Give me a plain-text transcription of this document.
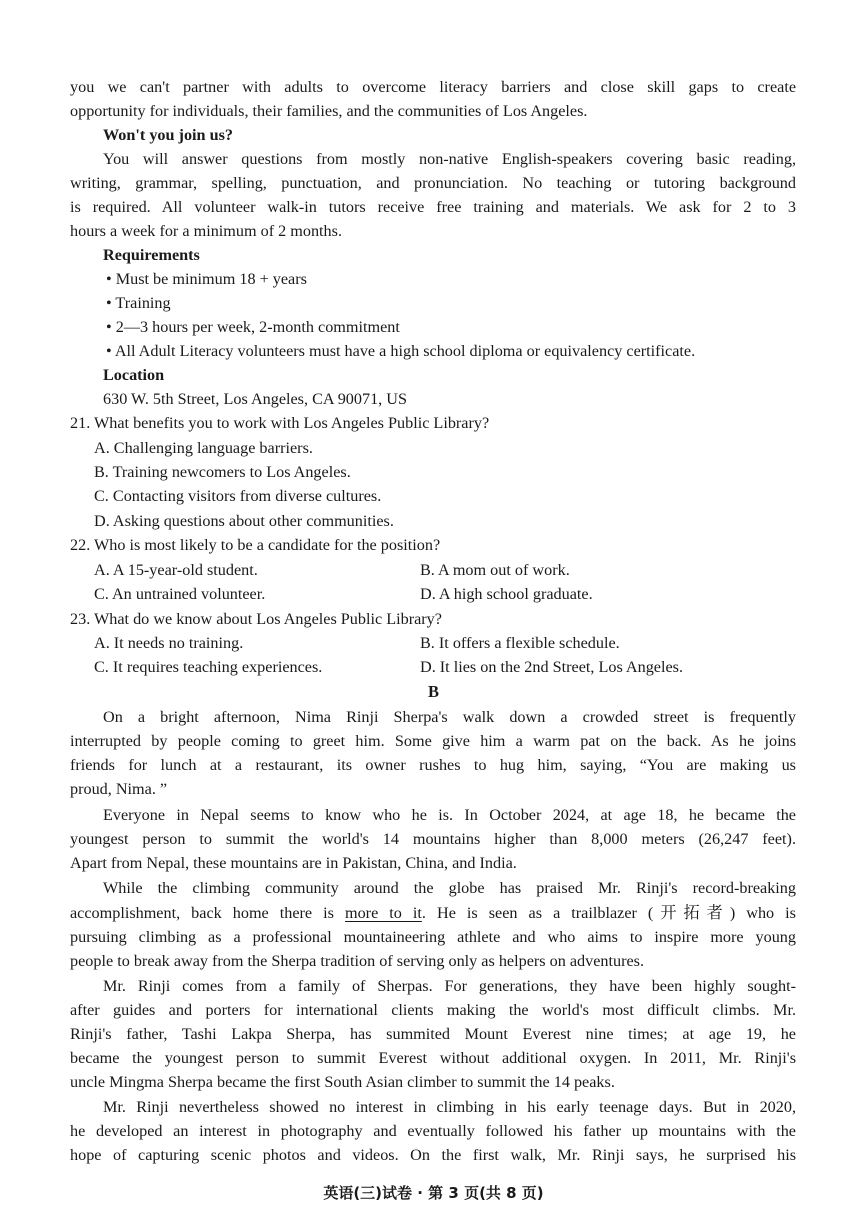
you we can't partner with adults to overcome literacy barriers and close skill gaps to create
opportunity for individuals, their families, and the communities of Los Angeles.
Won't you join us?
You will answer questions from mostly non-native English-speakers covering basic reading,
writing, grammar, spelling, punctuation, and pronunciation. No teaching or tutoring background
is required. All volunteer walk-in tutors receive free training and materials. We ask for 2 to 3
hours a week for a minimum of 2 months.
Requirements
• Must be minimum 18 + years
• Training
• 2—3 hours per week, 2-month commitment
• All Adult Literacy volunteers must have a high school diploma or equivalency certificate.
Location
630 W. 5th Street, Los Angeles, CA 90071, US
21. What benefits you to work with Los Angeles Public Library?
A. Challenging language barriers.
B. Training newcomers to Los Angeles.
C. Contacting visitors from diverse cultures.
D. Asking questions about other communities.
22. Who is most likely to be a candidate for the position?
A. A 15-year-old student.	B. A mom out of work.
C. An untrained volunteer.	D. A high school graduate.
23. What do we know about Los Angeles Public Library?
A. It needs no training.	B. It offers a flexible schedule.
C. It requires teaching experiences.	D. It lies on the 2nd Street, Los Angeles.
B
On a bright afternoon, Nima Rinji Sherpa's walk down a crowded street is frequently
interrupted by people coming to greet him. Some give him a warm pat on the back. As he joins
friends for lunch at a restaurant, its owner rushes to hug him, saying, “You are making us
proud, Nima. ”
Everyone in Nepal seems to know who he is. In October 2024, at age 18, he became the
youngest person to summit the world's 14 mountains higher than 8,000 meters (26,247 feet).
Apart from Nepal, these mountains are in Pakistan, China, and India.
While the climbing community around the globe has praised Mr. Rinji's record-breaking
accomplishment, back home there is more to it. He is seen as a trailblazer (开拓者) who is
pursuing climbing as a professional mountaineering athlete and who aims to inspire more young
people to break away from the Sherpa tradition of serving only as helpers on adventures.
Mr. Rinji comes from a family of Sherpas. For generations, they have been highly sought-
after guides and porters for international clients making the world's most difficult climbs. Mr.
Rinji's father, Tashi Lakpa Sherpa, has summited Mount Everest nine times; at age 19, he
became the youngest person to summit Everest without additional oxygen. In 2011, Mr. Rinji's
uncle Mingma Sherpa became the first South Asian climber to summit the 14 peaks.
Mr. Rinji nevertheless showed no interest in climbing in his early teenage days. But in 2020,
he developed an interest in photography and eventually followed his father up mountains with the
hope of capturing scenic photos and videos. On the first walk, Mr. Rinji says, he surprised his
英语(三)试卷 · 第 3 页(共 8 页)
